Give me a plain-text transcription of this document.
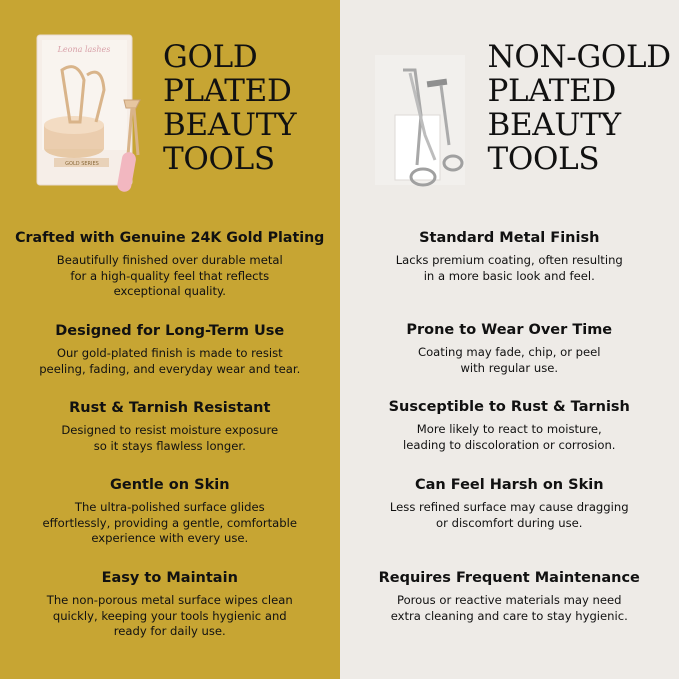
Leona lashes
GOLD SERIES
GOLD
PLATED
BEAUTY
TOOLS
Crafted with Genuine 24K Gold Plating

Beautifully finished over durable metal
for a high-quality feel that reflects
exceptional quality.

Designed for Long-Term Use

Our gold-plated finish is made to resist
peeling, fading, and everyday wear and tear.

Rust & Tarnish Resistant

Designed to resist moisture exposure
so it stays flawless longer.

Gentle on Skin

The ultra-polished surface glides
effortlessly, providing a gentle, comfortable
experience with every use.

Easy to Maintain

The non-porous metal surface wipes clean
quickly, keeping your tools hygienic and
ready for daily use.

NON-GOLD
PLATED
BEAUTY
TOOLS
Standard Metal Finish

Lacks premium coating, often resulting
in a more basic look and feel.

Prone to Wear Over Time

Coating may fade, chip, or peel
with regular use.

Susceptible to Rust & Tarnish

More likely to react to moisture,
leading to discoloration or corrosion.

Can Feel Harsh on Skin

Less refined surface may cause dragging
or discomfort during use.

Requires Frequent Maintenance

Porous or reactive materials may need
extra cleaning and care to stay hygienic.
